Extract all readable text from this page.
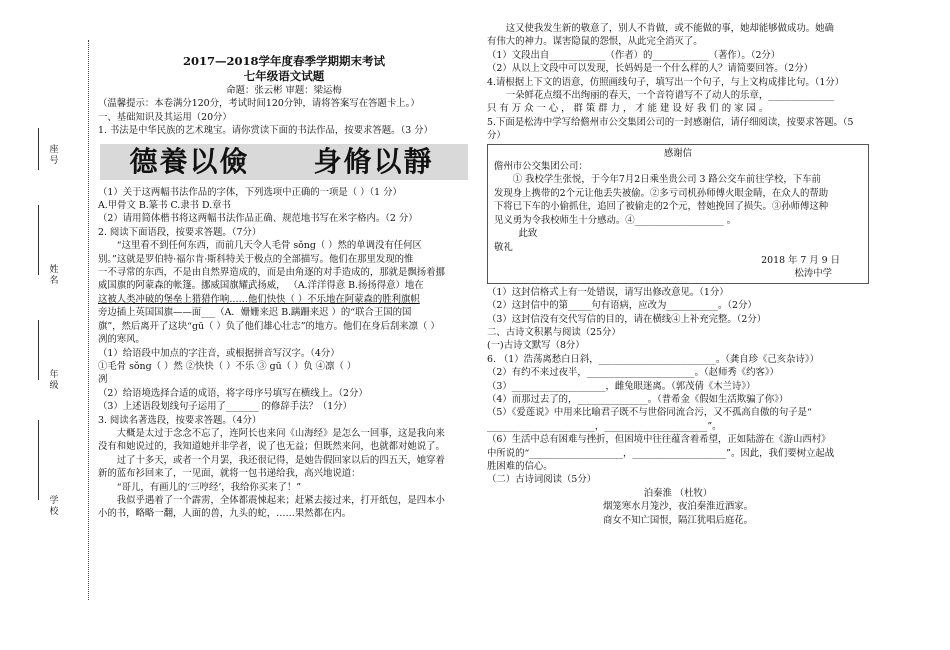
座号
姓名
年级
学校
2017—2018学年度春季学期期末考试
七年级语文试题
命题：张云彬 审题：梁运梅
（温馨提示：本卷满分120分，考试时间120分钟，请将答案写在答题卡上。）
一、基础知识及其运用（20分）
1. 书法是中华民族的艺术瑰宝。请你赏读下面的书法作品，按要求答题。（3 分）
德養以儉 身脩以靜
（1）关于这两幅书法作品的字体，下列选项中正确的一项是（ ）（1 分）
A.甲骨文 B.篆书 C.隶书 D.章书
（2）请用简体楷书将这两幅书法作品正确、规范地书写在米字格内。（2 分）
2. 阅读下面语段，按要求答题。（7分）
“这里看不到任何东西，而前几天令人毛骨 sǒng（ ）然的单调没有任何区
别。”这就是罗伯特·福尔肯·斯科特关于极点的全部描写。他们在那里发现的惟
一不寻常的东西，不是由自然界造成的，而是由角逐的对手造成的，那就是飘扬着挪
威国旗的阿蒙森的帐篷。挪威国旗耀武扬威， （A.洋洋得意 B.扬扬得意）地在
这被人类冲破的堡垒上猎猎作响……他们快快（ ）不乐地在阿蒙森的胜利旗帜
旁边插上英国国旗——面___（A．姗姗来迟 B.蹒跚来迟 ）的“联合王国的国
旗”，然后离开了这块“gū（ ）负了他们雄心壮志”的地方。他们在身后刮来凛（ ）
冽的寒风。
（1）给语段中加点的字注音，或根据拼音写汉字。（4分）
①毛骨 sǒng（ ）然 ②快快（ ）不乐 ③ gū（ ）负 ④凛（ ）
冽
（2）给语境选择合适的成语，将字母序号填写在横线上。（2分）
（3）上述语段划线句子运用了_______ 的修辞手法？（1分）
3. 阅读名著选段，按要求答题。（4分）
大概是太过于念念不忘了，连阿长也来问《山海经》是怎么一回事，这是我向来
没有和她说过的，我知道她并非学者，说了也无益；但既然来问，也就都对她说了。
过了十多天，或者一个月罢，我还很记得，是她告假回家以后的四五天，她穿着
新的蓝布衫回来了，一见面，就将一包书递给我，高兴地说道：
“哥儿，有画儿的‘三哼经’，我给你买来了！”
我似乎遇着了一个霹雳，全体都震悚起来；赶紧去接过来，打开纸包，是四本小
小的书，略略一翻，人面的兽，九头的蛇，……果然都在内。
这又使我发生新的敬意了，别人不肯做，或不能做的事，她却能够做成功。她确
有伟大的神力。谋害隐鼠的怨恨，从此完全消灭了。
（1）文段出自____________（作者）的____________（著作）。（2分）
（2）从以上文段中可以发现，长妈妈是一个什么样的人？请简要回答。（2分）
4.请根据上下文的语意，仿照画线句子，填写出一个句子，与上文构成排比句。（1分）
一朵鲜花点缀不出绚丽的春天，一个音符谱写不了动人的乐章，______________
只 有 万 众 一 心 ， 群 策 群 力 ， 才 能 建 设 好 我 们 的 家 园 。
5.下面是松涛中学写给儋州市公交集团公司的一封感谢信，请仔细阅读，按要求答题。（5
分）
感谢信
儋州市公交集团公司：
① 我校学生张悦，于今年7月2日乘坐贵公司 3 路公交车前往学校，下车前
发现身上携带的2个元让他丢失被偷。②多亏司机孙师傅火眼金睛，在众人的帮助
下将已下车的小偷抓住，追回了被偷走的2个元，替她挽回了损失。③孙师傅这种
见义勇为令我校师生十分感动。④___________________ 。
此致
敬礼
2018 年 7 月 9 日
松涛中学
（1）这封信格式上有一处错误，请写出修改意见。（1分）
（2）这封信中的第_____句有语病，应改为___________。（2分）
（3）这封信没有交代写信的目的，请在横线④上补充完整。（2分）
二、古诗文积累与阅读（25分）
(一)古诗文默写（8分）
6. （1）浩荡离愁白日斜，_________________________。（龚自珍《己亥杂诗》）
（2）有约不来过夜半，_______________________。（赵师秀《约客》）
（3）____________________，雌兔眼迷离。（郭茂倩《木兰诗》）
（4）而那过去了的，_______________。（普希金《假如生活欺骗了你》）
（5）《爱莲说》中用来比喻君子既不与世俗同流合污，又不孤高自傲的句子是“
_______________________，______________________”。
（6）生活中总有困难与挫折，但困境中往往蕴含着希望，正如陆游在《游山西村》
中所说的“____________________，____________________”。因此，我们要树立起战
胜困难的信心。
（二）古诗词阅读（5分）
泊秦淮 （杜牧）
烟笼寒水月笼沙，夜泊秦淮近酒家。
商女不知亡国恨，隔江犹唱后庭花。
